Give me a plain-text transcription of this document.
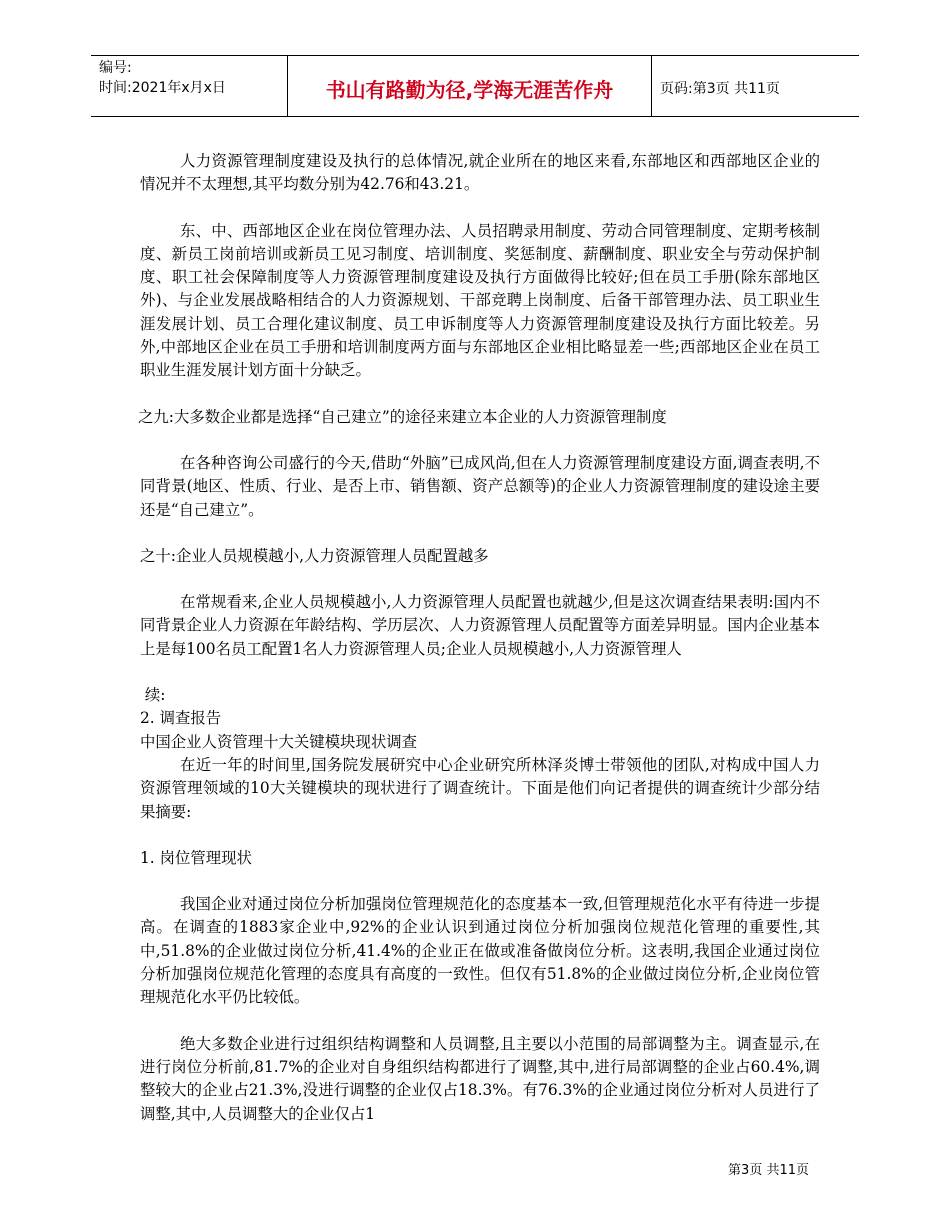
编号:
时间:2021年x月x日	书山有路勤为径,学海无涯苦作舟	页码:第3页 共11页

人力资源管理制度建设及执行的总体情况,就企业所在的地区来看,东部地区和西部地区企业的情况并不太理想,其平均数分别为42.76和43.21。

东、中、西部地区企业在岗位管理办法、人员招聘录用制度、劳动合同管理制度、定期考核制度、新员工岗前培训或新员工见习制度、培训制度、奖惩制度、薪酬制度、职业安全与劳动保护制度、职工社会保障制度等人力资源管理制度建设及执行方面做得比较好;但在员工手册(除东部地区外)、与企业发展战略相结合的人力资源规划、干部竞聘上岗制度、后备干部管理办法、员工职业生涯发展计划、员工合理化建议制度、员工申诉制度等人力资源管理制度建设及执行方面比较差。另外,中部地区企业在员工手册和培训制度两方面与东部地区企业相比略显差一些;西部地区企业在员工职业生涯发展计划方面十分缺乏。

之九:大多数企业都是选择“自己建立”的途径来建立本企业的人力资源管理制度

在各种咨询公司盛行的今天,借助“外脑”已成风尚,但在人力资源管理制度建设方面,调查表明,不同背景(地区、性质、行业、是否上市、销售额、资产总额等)的企业人力资源管理制度的建设途主要还是“自己建立”。

之十:企业人员规模越小,人力资源管理人员配置越多

在常规看来,企业人员规模越小,人力资源管理人员配置也就越少,但是这次调查结果表明:国内不同背景企业人力资源在年龄结构、学历层次、人力资源管理人员配置等方面差异明显。国内企业基本上是每100名员工配置1名人力资源管理人员;企业人员规模越小,人力资源管理人

续:

2. 调查报告

中国企业人资管理十大关键模块现状调查

在近一年的时间里,国务院发展研究中心企业研究所林泽炎博士带领他的团队,对构成中国人力资源管理领域的10大关键模块的现状进行了调查统计。下面是他们向记者提供的调查统计少部分结果摘要:

1. 岗位管理现状

我国企业对通过岗位分析加强岗位管理规范化的态度基本一致,但管理规范化水平有待进一步提高。在调查的1883家企业中,92%的企业认识到通过岗位分析加强岗位规范化管理的重要性,其中,51.8%的企业做过岗位分析,41.4%的企业正在做或准备做岗位分析。这表明,我国企业通过岗位分析加强岗位规范化管理的态度具有高度的一致性。但仅有51.8%的企业做过岗位分析,企业岗位管理规范化水平仍比较低。

绝大多数企业进行过组织结构调整和人员调整,且主要以小范围的局部调整为主。调查显示,在进行岗位分析前,81.7%的企业对自身组织结构都进行了调整,其中,进行局部调整的企业占60.4%,调整较大的企业占21.3%,没进行调整的企业仅占18.3%。有76.3%的企业通过岗位分析对人员进行了调整,其中,人员调整大的企业仅占1

第3页 共11页
